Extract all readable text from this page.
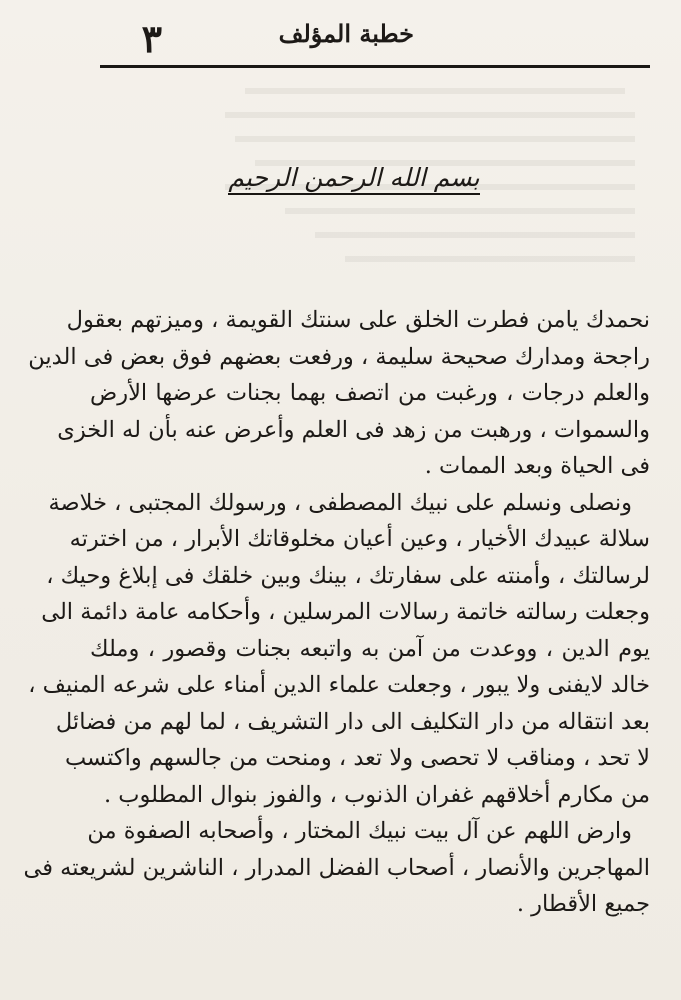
٣	خطبة المؤلف
بسم الله الرحمن الرحيم
نحمدك يامن فطرت الخلق على سنتك القويمة ، وميزتهم بعقول
راجحة ومدارك صحيحة سليمة ، ورفعت بعضهم فوق بعض فى الدين
والعلم درجات ، ورغبت من اتصف بهما بجنات عرضها الأرض
والسموات ، ورهبت من زهد فى العلم وأعرض عنه بأن له الخزى
فى الحياة وبعد الممات .
ونصلى ونسلم على نبيك المصطفى ، ورسولك المجتبى ، خلاصة
سلالة عبيدك الأخيار ، وعين أعيان مخلوقاتك الأبرار ، من اخترته
لرسالتك ، وأمنته على سفارتك ، بينك وبين خلقك فى إبلاغ وحيك ،
وجعلت رسالته خاتمة رسالات المرسلين ، وأحكامه عامة دائمة الى
يوم الدين ، ووعدت من آمن به واتبعه بجنات وقصور ، وملك
خالد لايفنى ولا يبور ، وجعلت علماء الدين أمناء على شرعه المنيف ،
بعد انتقاله من دار التكليف الى دار التشريف ، لما لهم من فضائل
لا تحد ، ومناقب لا تحصى ولا تعد ، ومنحت من جالسهم واكتسب
من مكارم أخلاقهم غفران الذنوب ، والفوز بنوال المطلوب .
وارض اللهم عن آل بيت نبيك المختار ، وأصحابه الصفوة من
المهاجرين والأنصار ، أصحاب الفضل المدرار ، الناشرين لشريعته فى
جميع الأقطار .
